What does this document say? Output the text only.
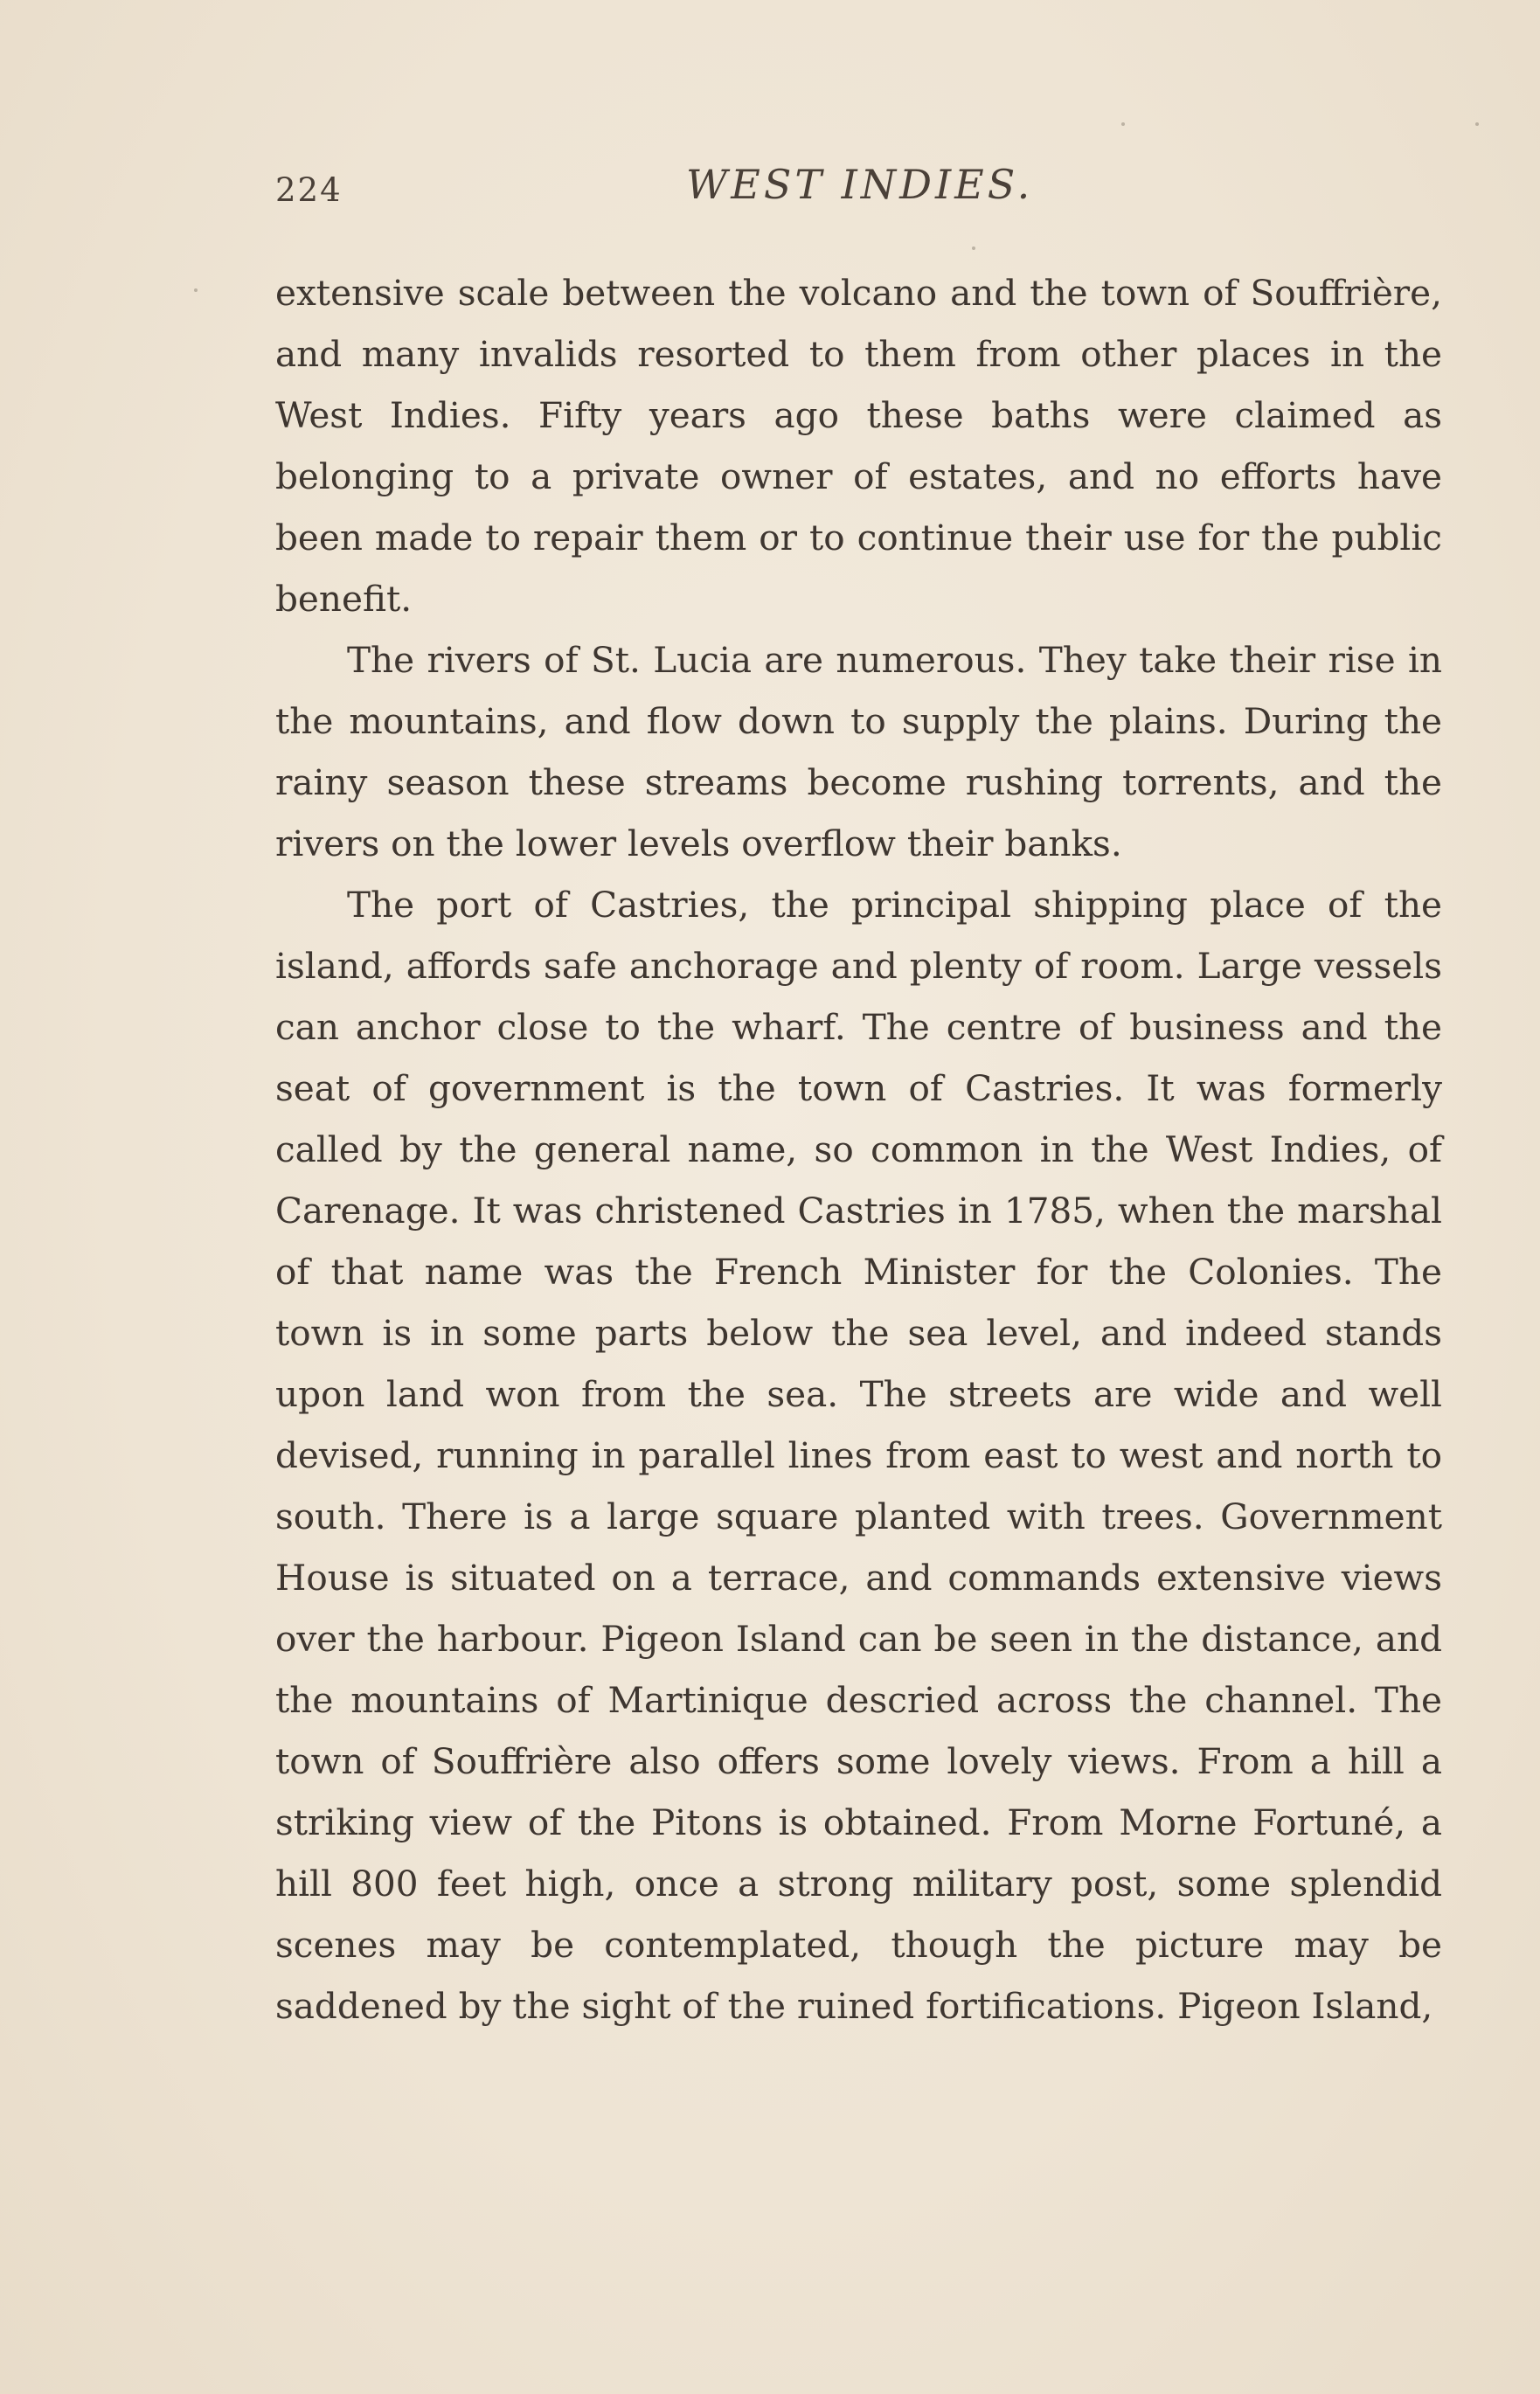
224	WEST INDIES.

extensive scale between the volcano and the town of Souffrière, and many invalids resorted to them from other places in the West Indies. Fifty years ago these baths were claimed as belonging to a private owner of estates, and no efforts have been made to repair them or to continue their use for the public benefit.

The rivers of St. Lucia are numerous. They take their rise in the mountains, and flow down to supply the plains. During the rainy season these streams become rushing torrents, and the rivers on the lower levels overflow their banks.

The port of Castries, the principal shipping place of the island, affords safe anchorage and plenty of room. Large vessels can anchor close to the wharf. The centre of business and the seat of government is the town of Castries. It was formerly called by the general name, so common in the West Indies, of Carenage. It was christened Castries in 1785, when the marshal of that name was the French Minister for the Colonies. The town is in some parts below the sea level, and indeed stands upon land won from the sea. The streets are wide and well devised, running in parallel lines from east to west and north to south. There is a large square planted with trees. Government House is situated on a terrace, and commands extensive views over the harbour. Pigeon Island can be seen in the distance, and the mountains of Martinique descried across the channel. The town of Souffrière also offers some lovely views. From a hill a striking view of the Pitons is obtained. From Morne Fortuné, a hill 800 feet high, once a strong military post, some splendid scenes may be contemplated, though the picture may be saddened by the sight of the ruined fortifications. Pigeon Island,
